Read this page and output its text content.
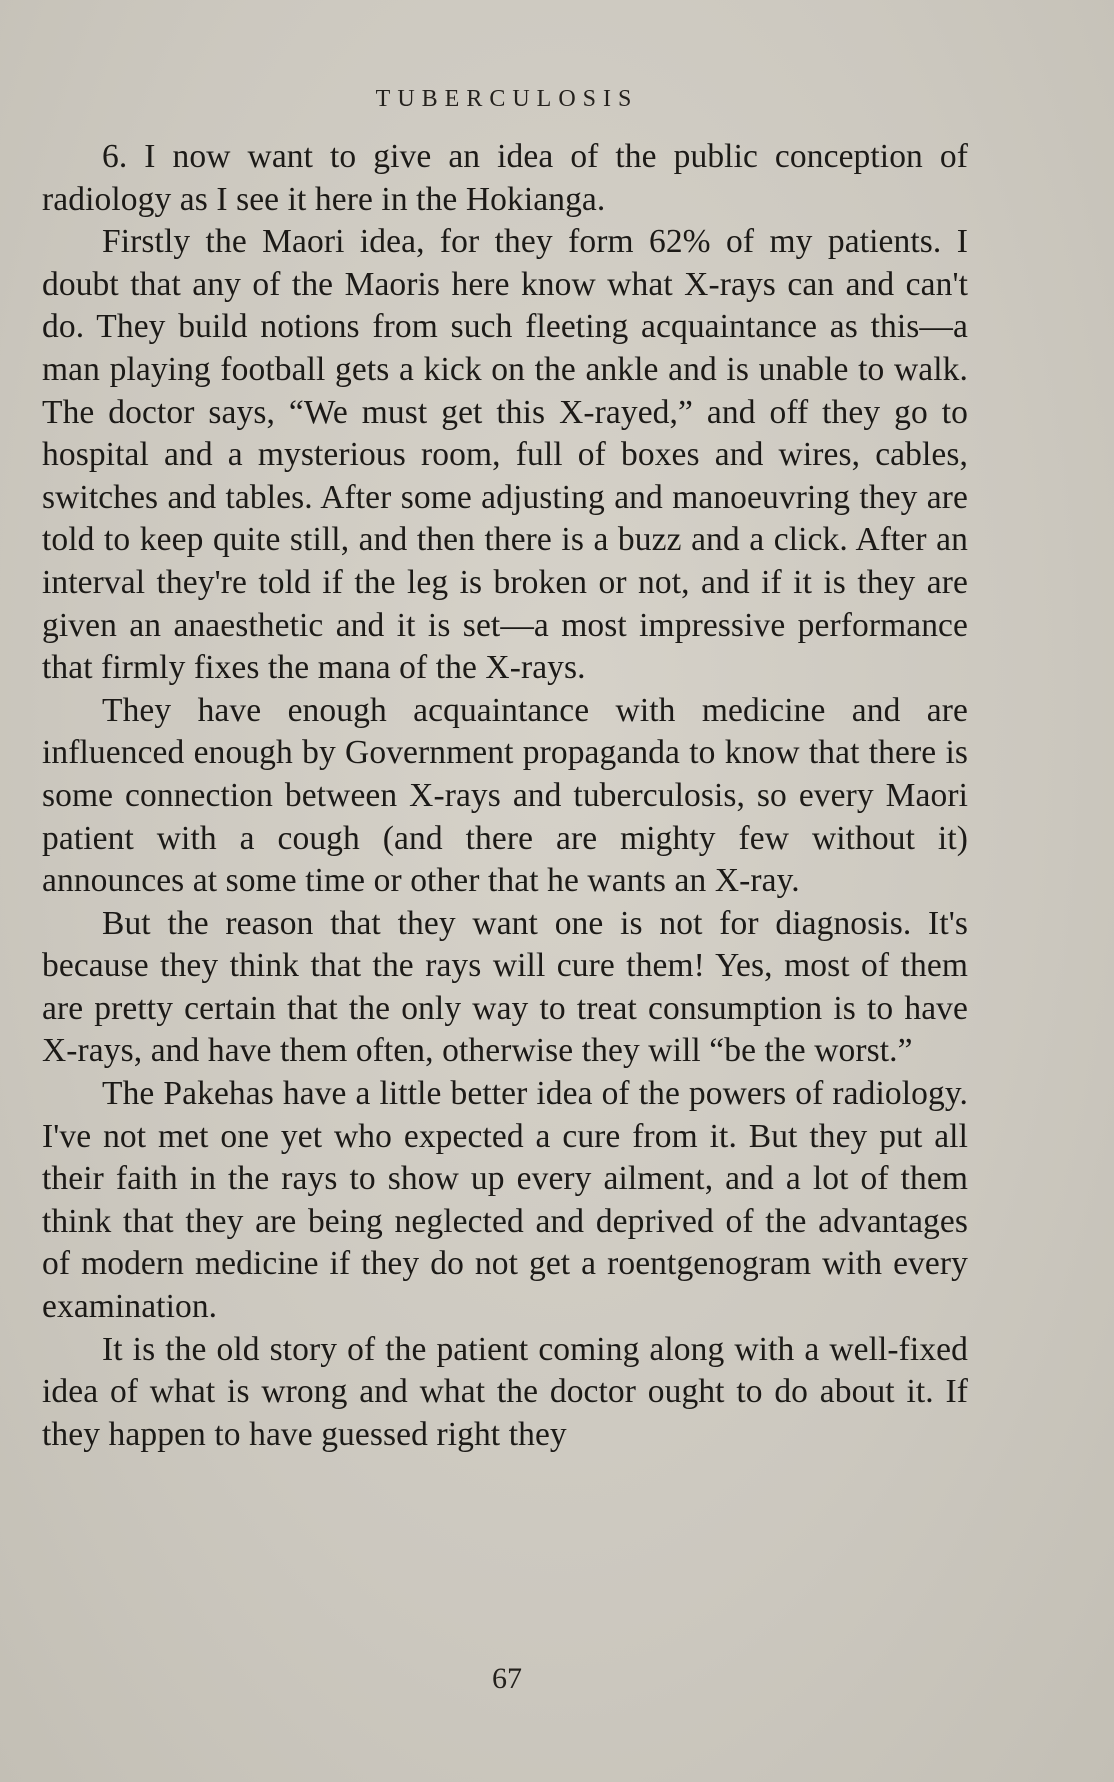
TUBERCULOSIS

6. I now want to give an idea of the public conception of radiology as I see it here in the Hokianga.

Firstly the Maori idea, for they form 62% of my patients. I doubt that any of the Maoris here know what X-rays can and can't do. They build notions from such fleeting acquaintance as this—a man playing football gets a kick on the ankle and is unable to walk. The doctor says, “We must get this X-rayed,” and off they go to hospital and a mysterious room, full of boxes and wires, cables, switches and tables. After some adjusting and manoeuvring they are told to keep quite still, and then there is a buzz and a click. After an interval they're told if the leg is broken or not, and if it is they are given an anaesthetic and it is set—a most impressive performance that firmly fixes the mana of the X-rays.

They have enough acquaintance with medicine and are influenced enough by Government propaganda to know that there is some connection between X-rays and tuberculosis, so every Maori patient with a cough (and there are mighty few without it) announces at some time or other that he wants an X-ray.

But the reason that they want one is not for diagnosis. It's because they think that the rays will cure them! Yes, most of them are pretty certain that the only way to treat consumption is to have X-rays, and have them often, otherwise they will “be the worst.”

The Pakehas have a little better idea of the powers of radiology. I've not met one yet who expected a cure from it. But they put all their faith in the rays to show up every ailment, and a lot of them think that they are being neglected and deprived of the advantages of modern medicine if they do not get a roentgenogram with every examination.

It is the old story of the patient coming along with a well-fixed idea of what is wrong and what the doctor ought to do about it. If they happen to have guessed right they

67
